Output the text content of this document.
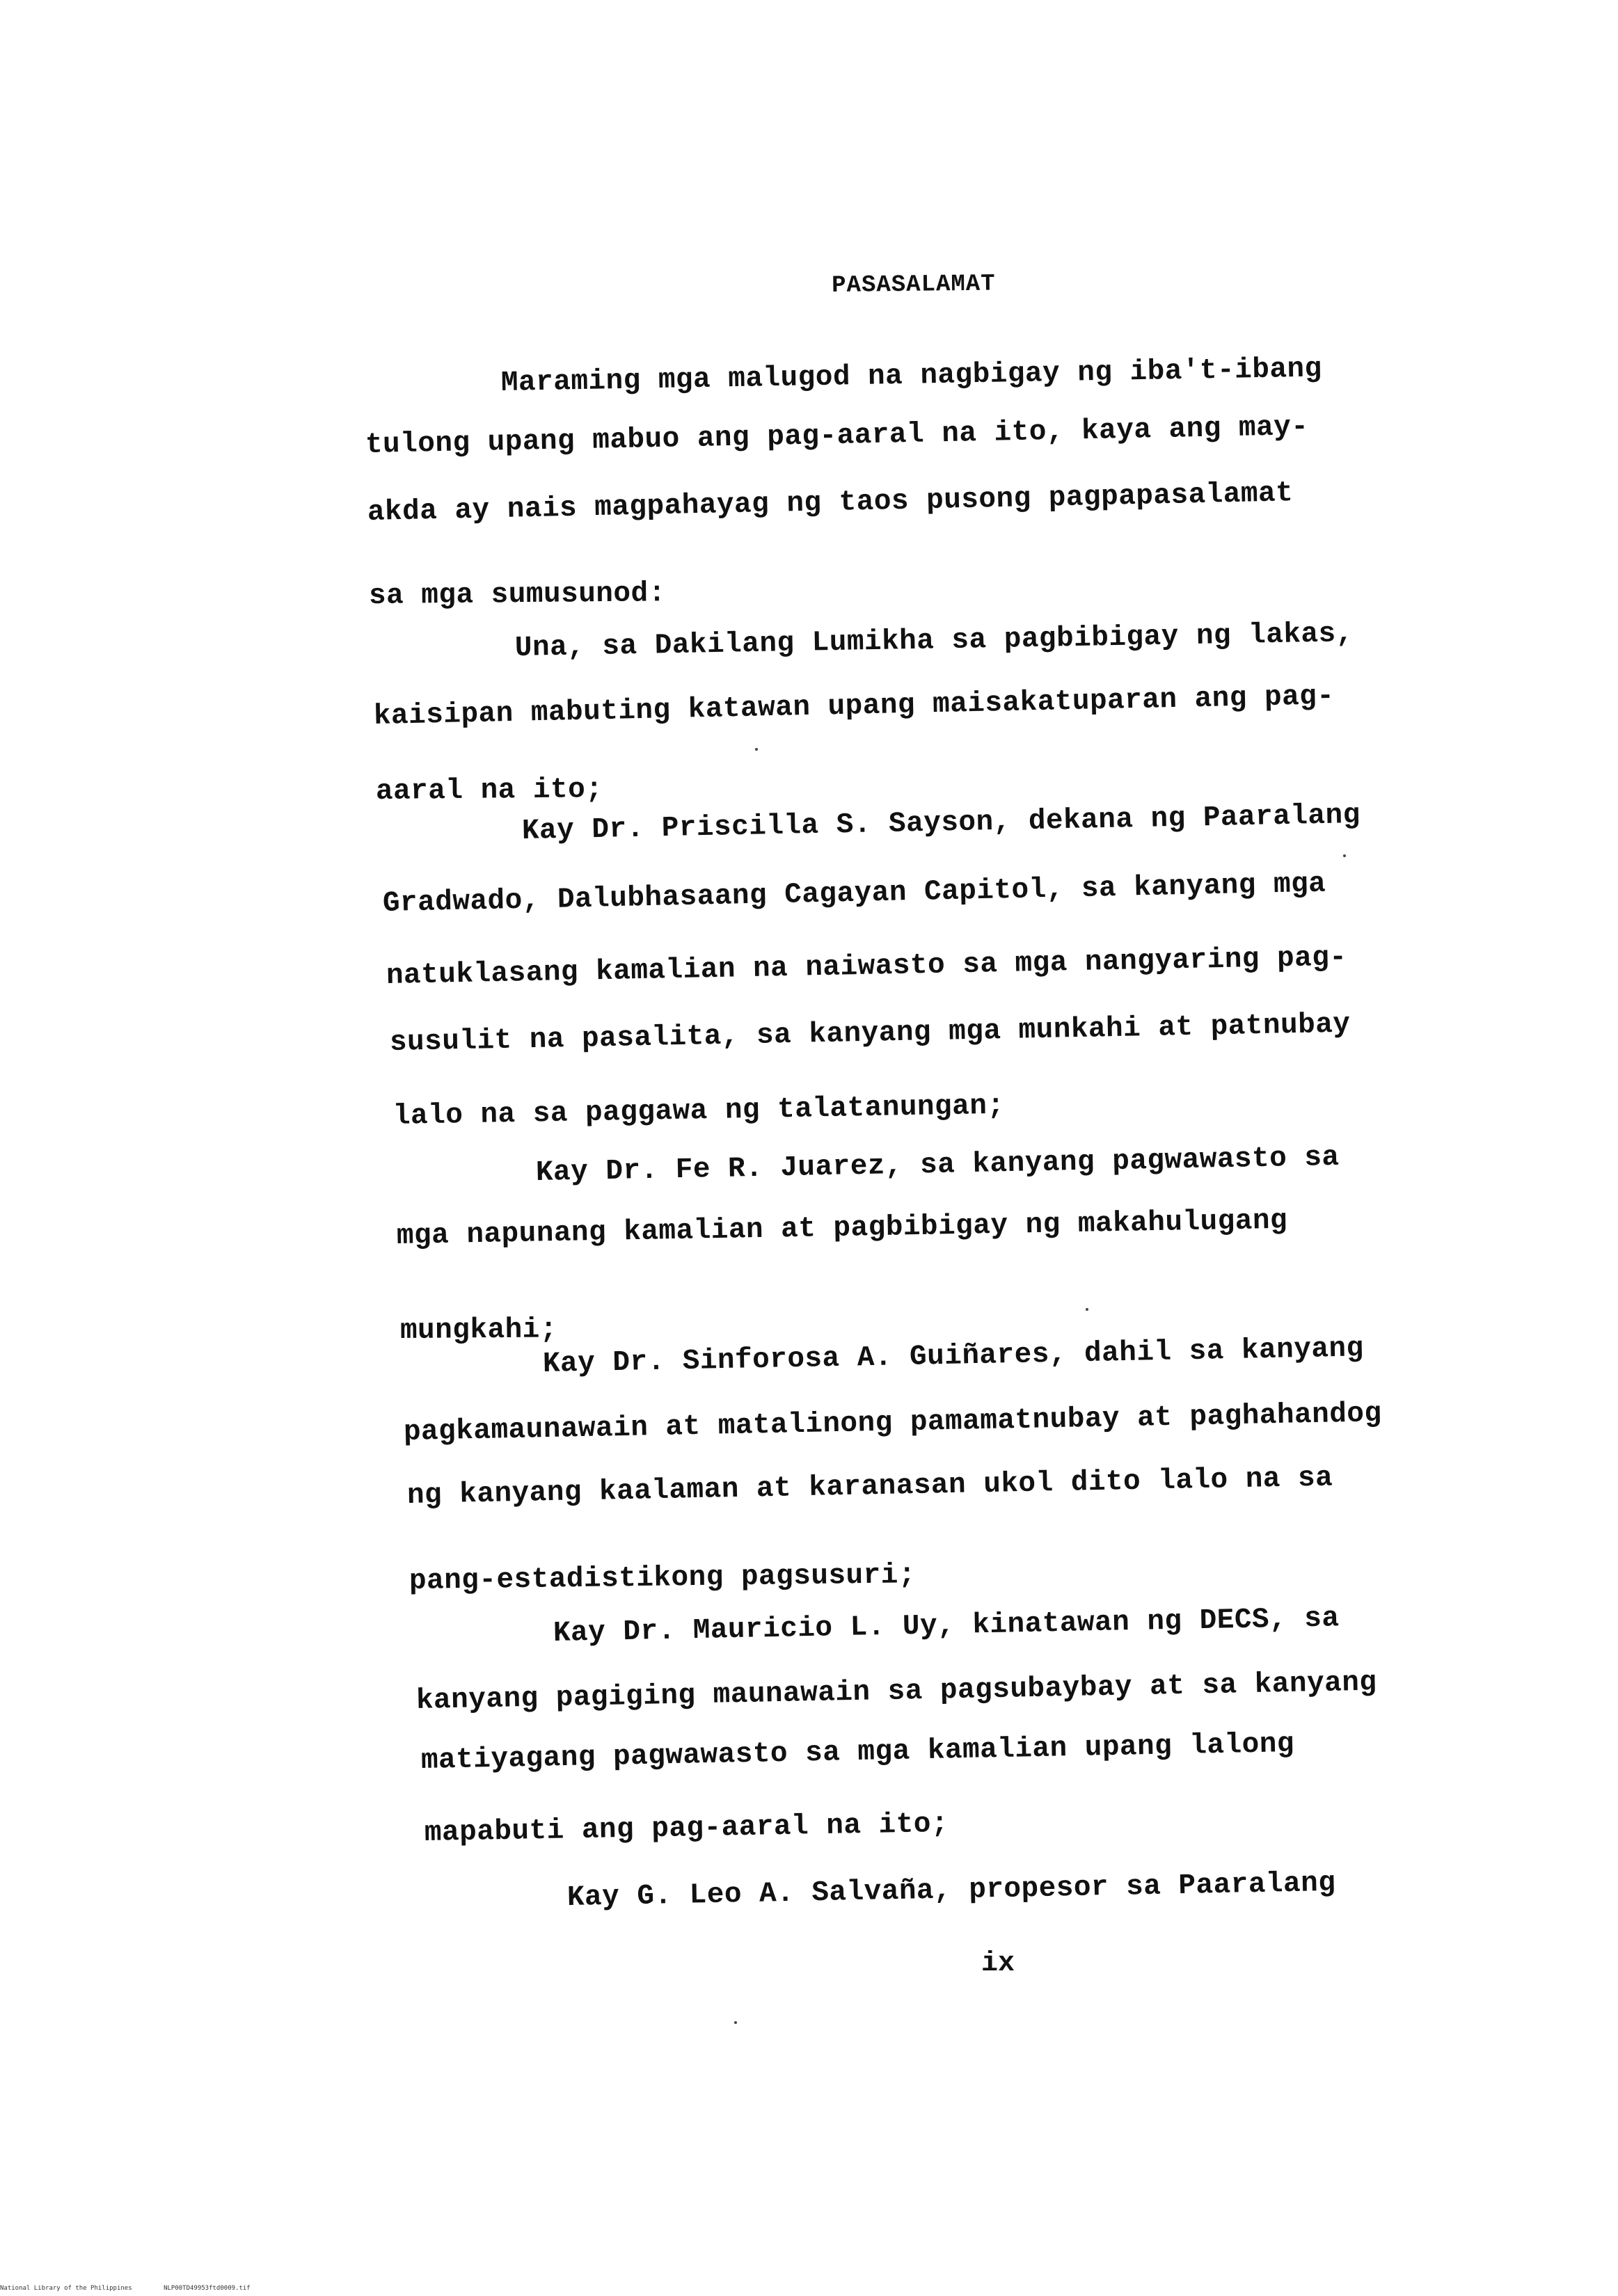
PASASALAMAT
Maraming mga malugod na nagbigay ng iba't-ibang
tulong upang mabuo ang pag-aaral na ito, kaya ang may-
akda ay nais magpahayag ng taos pusong pagpapasalamat
sa mga sumusunod:
Una, sa Dakilang Lumikha sa pagbibigay ng lakas,
kaisipan mabuting katawan upang maisakatuparan ang pag-
aaral na ito;
Kay Dr. Priscilla S. Sayson, dekana ng Paaralang
Gradwado, Dalubhasaang Cagayan Capitol, sa kanyang mga
natuklasang kamalian na naiwasto sa mga nangyaring pag-
susulit na pasalita, sa kanyang mga munkahi at patnubay
lalo na sa paggawa ng talatanungan;
Kay Dr. Fe R. Juarez, sa kanyang pagwawasto sa
mga napunang kamalian at pagbibigay ng makahulugang
mungkahi;
Kay Dr. Sinforosa A. Guiñares, dahil sa kanyang
pagkamaunawain at matalinong pamamatnubay at paghahandog
ng kanyang kaalaman at karanasan ukol dito lalo na sa
pang-estadistikong pagsusuri;
Kay Dr. Mauricio L. Uy, kinatawan ng DECS, sa
kanyang pagiging maunawain sa pagsubaybay at sa kanyang
matiyagang pagwawasto sa mga kamalian upang lalong
mapabuti ang pag-aaral na ito;
Kay G. Leo A. Salvaña, propesor sa Paaralang
ix
National Library of the Philippines	NLP00TD49953ftd0009.tif
